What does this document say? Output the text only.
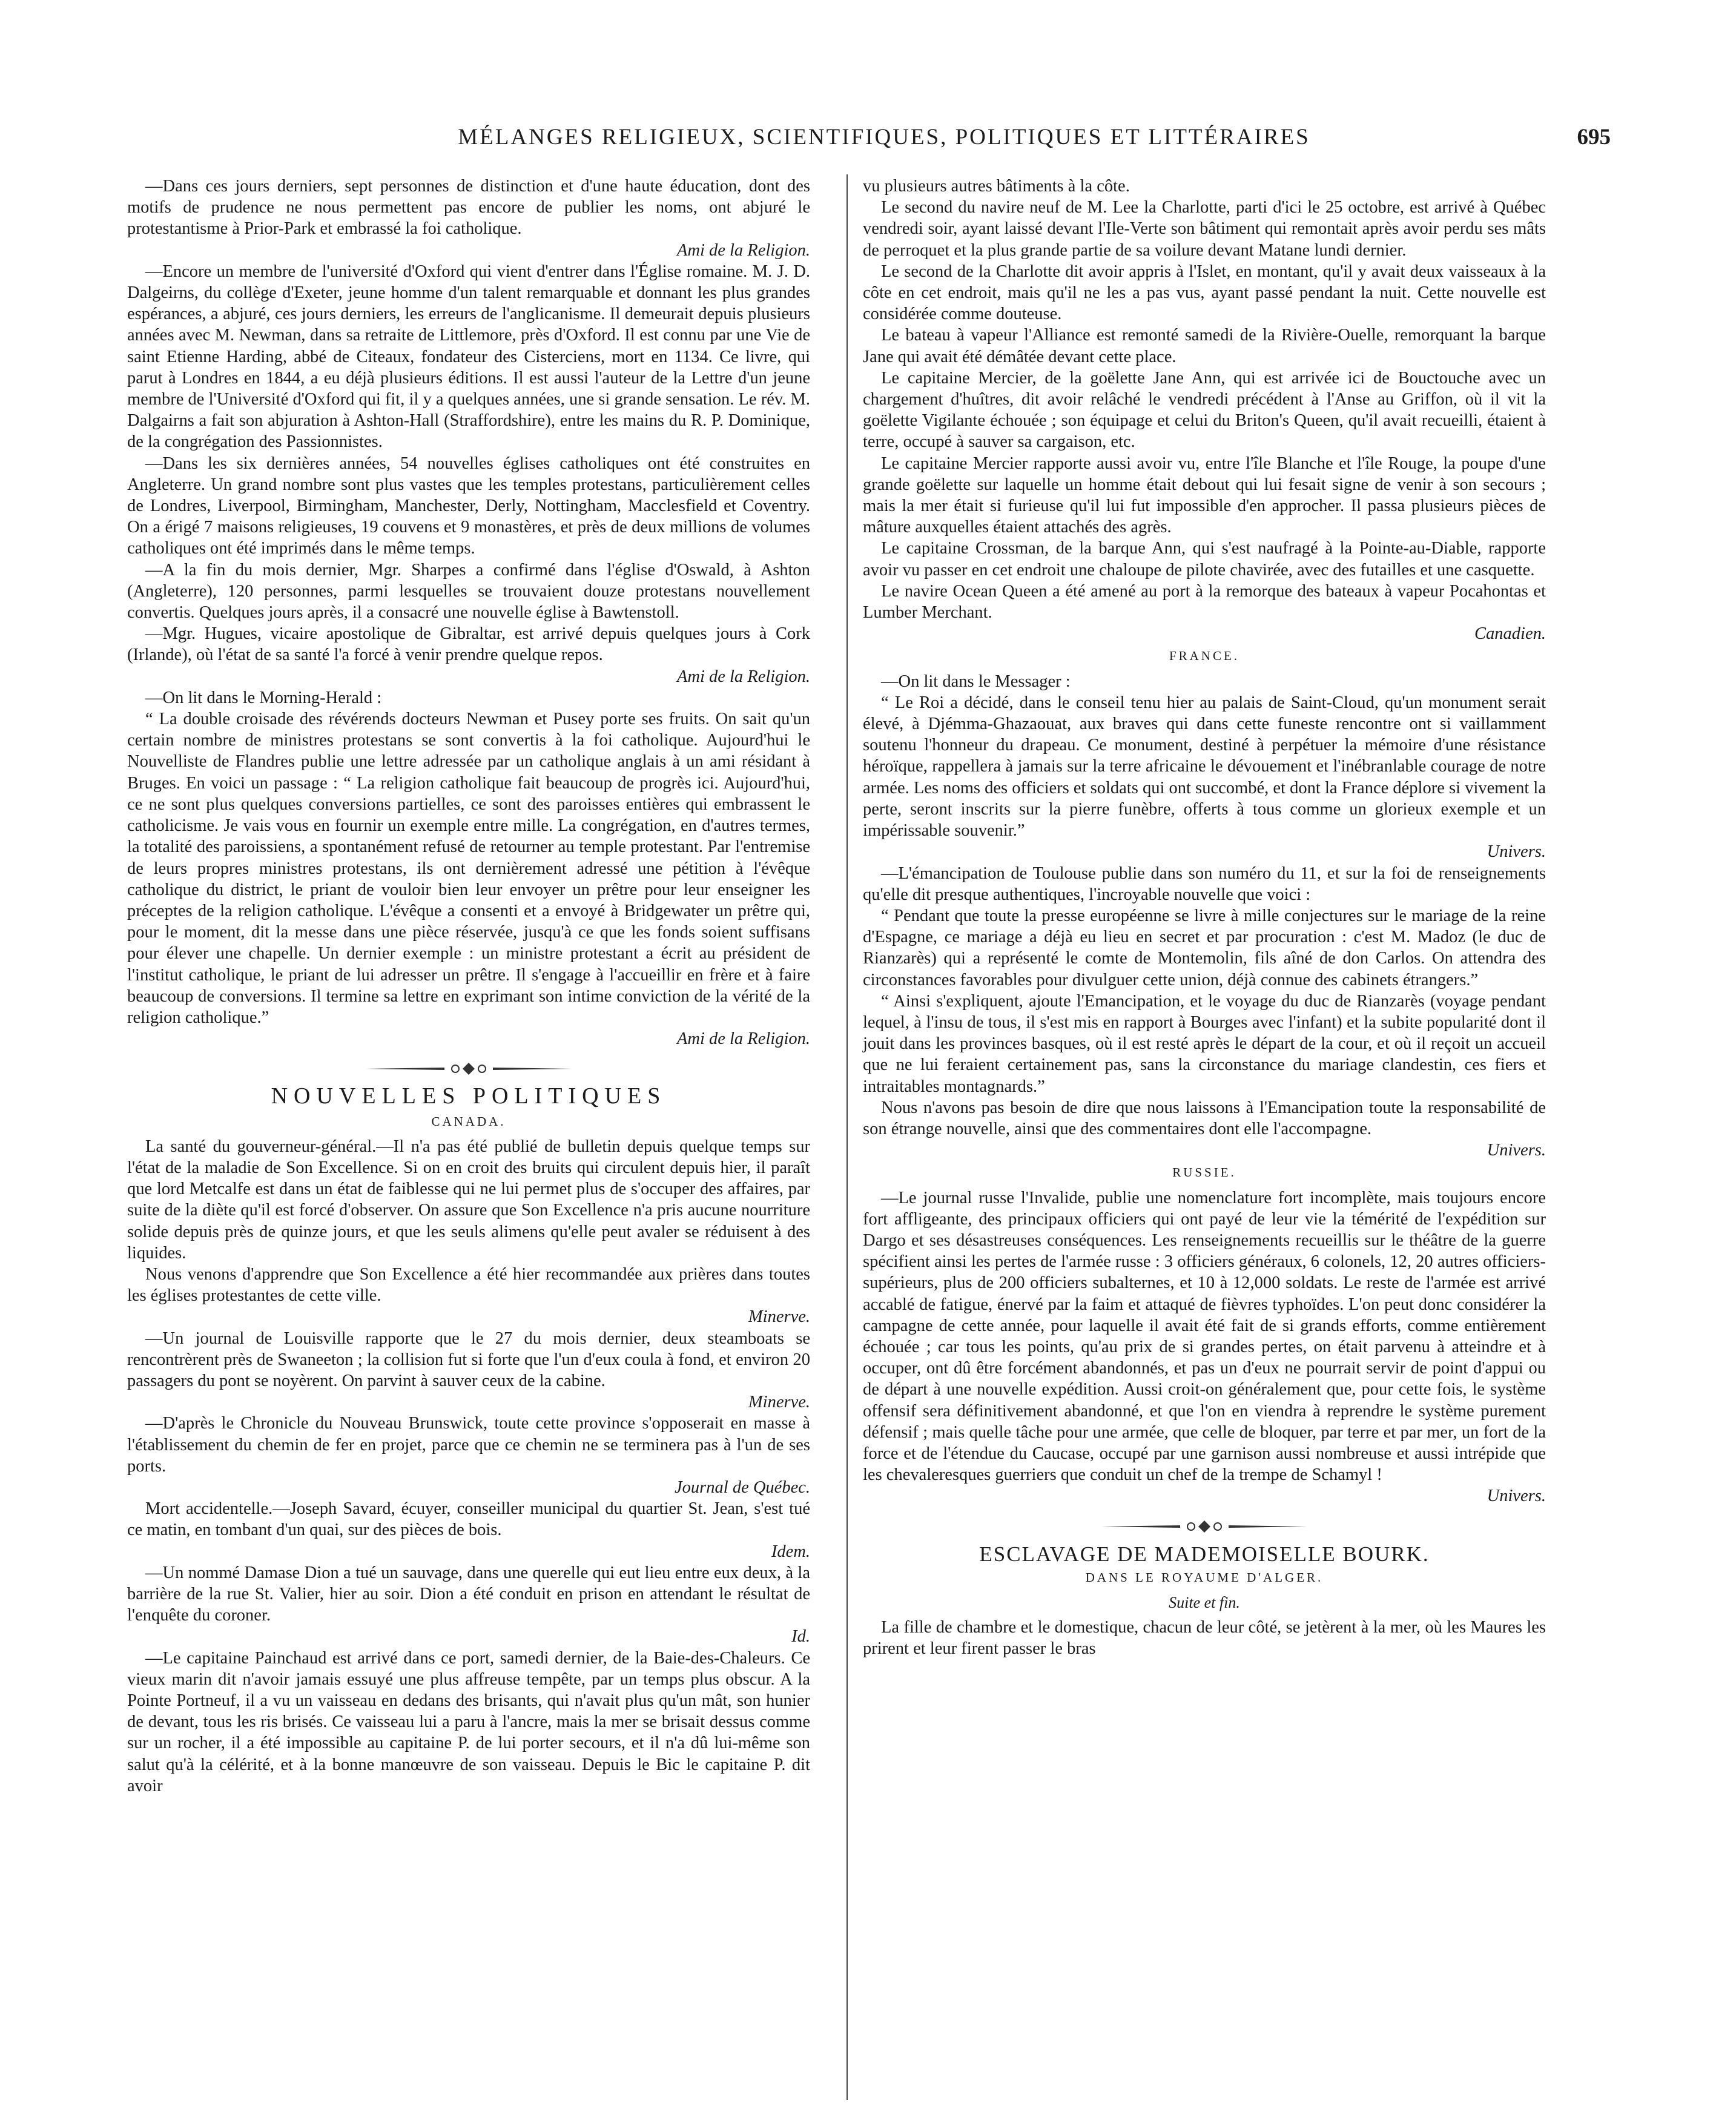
MÉLANGES RELIGIEUX, SCIENTIFIQUES, POLITIQUES ET LITTÉRAIRES	695

—Dans ces jours derniers, sept personnes de distinction et d'une haute éducation, dont des motifs de prudence ne nous permettent pas encore de publier les noms, ont abjuré le protestantisme à Prior-Park et embrassé la foi catholique.

Ami de la Religion.

—Encore un membre de l'université d'Oxford qui vient d'entrer dans l'Église romaine. M. J. D. Dalgeirns, du collège d'Exeter, jeune homme d'un talent remarquable et donnant les plus grandes espérances, a abjuré, ces jours derniers, les erreurs de l'anglicanisme. Il demeurait depuis plusieurs années avec M. Newman, dans sa retraite de Littlemore, près d'Oxford. Il est connu par une Vie de saint Etienne Harding, abbé de Citeaux, fondateur des Cisterciens, mort en 1134. Ce livre, qui parut à Londres en 1844, a eu déjà plusieurs éditions. Il est aussi l'auteur de la Lettre d'un jeune membre de l'Université d'Oxford qui fit, il y a quelques années, une si grande sensation. Le rév. M. Dalgairns a fait son abjuration à Ashton-Hall (Straffordshire), entre les mains du R. P. Dominique, de la congrégation des Passionnistes.

—Dans les six dernières années, 54 nouvelles églises catholiques ont été construites en Angleterre. Un grand nombre sont plus vastes que les temples protestans, particulièrement celles de Londres, Liverpool, Birmingham, Manchester, Derly, Nottingham, Macclesfield et Coventry. On a érigé 7 maisons religieuses, 19 couvens et 9 monastères, et près de deux millions de volumes catholiques ont été imprimés dans le même temps.

—A la fin du mois dernier, Mgr. Sharpes a confirmé dans l'église d'Oswald, à Ashton (Angleterre), 120 personnes, parmi lesquelles se trouvaient douze protestans nouvellement convertis. Quelques jours après, il a consacré une nouvelle église à Bawtenstoll.

—Mgr. Hugues, vicaire apostolique de Gibraltar, est arrivé depuis quelques jours à Cork (Irlande), où l'état de sa santé l'a forcé à venir prendre quelque repos.

Ami de la Religion.

—On lit dans le Morning-Herald :

“ La double croisade des révérends docteurs Newman et Pusey porte ses fruits. On sait qu'un certain nombre de ministres protestans se sont convertis à la foi catholique. Aujourd'hui le Nouvelliste de Flandres publie une lettre adressée par un catholique anglais à un ami résidant à Bruges. En voici un passage : “ La religion catholique fait beaucoup de progrès ici. Aujourd'hui, ce ne sont plus quelques conversions partielles, ce sont des paroisses entières qui embrassent le catholicisme. Je vais vous en fournir un exemple entre mille. La congrégation, en d'autres termes, la totalité des paroissiens, a spontanément refusé de retourner au temple protestant. Par l'entremise de leurs propres ministres protestans, ils ont dernièrement adressé une pétition à l'évêque catholique du district, le priant de vouloir bien leur envoyer un prêtre pour leur enseigner les préceptes de la religion catholique. L'évêque a consenti et a envoyé à Bridgewater un prêtre qui, pour le moment, dit la messe dans une pièce réservée, jusqu'à ce que les fonds soient suffisans pour élever une chapelle. Un dernier exemple : un ministre protestant a écrit au président de l'institut catholique, le priant de lui adresser un prêtre. Il s'engage à l'accueillir en frère et à faire beaucoup de conversions. Il termine sa lettre en exprimant son intime conviction de la vérité de la religion catholique.”

Ami de la Religion.
NOUVELLES POLITIQUES
CANADA.

La santé du gouverneur-général.—Il n'a pas été publié de bulletin depuis quelque temps sur l'état de la maladie de Son Excellence. Si on en croit des bruits qui circulent depuis hier, il paraît que lord Metcalfe est dans un état de faiblesse qui ne lui permet plus de s'occuper des affaires, par suite de la diète qu'il est forcé d'observer. On assure que Son Excellence n'a pris aucune nourriture solide depuis près de quinze jours, et que les seuls alimens qu'elle peut avaler se réduisent à des liquides.

Nous venons d'apprendre que Son Excellence a été hier recommandée aux prières dans toutes les églises protestantes de cette ville.

Minerve.

—Un journal de Louisville rapporte que le 27 du mois dernier, deux steamboats se rencontrèrent près de Swaneeton ; la collision fut si forte que l'un d'eux coula à fond, et environ 20 passagers du pont se noyèrent. On parvint à sauver ceux de la cabine.

Minerve.

—D'après le Chronicle du Nouveau Brunswick, toute cette province s'opposerait en masse à l'établissement du chemin de fer en projet, parce que ce chemin ne se terminera pas à l'un de ses ports.

Journal de Québec.

Mort accidentelle.—Joseph Savard, écuyer, conseiller municipal du quartier St. Jean, s'est tué ce matin, en tombant d'un quai, sur des pièces de bois.

Idem.

—Un nommé Damase Dion a tué un sauvage, dans une querelle qui eut lieu entre eux deux, à la barrière de la rue St. Valier, hier au soir. Dion a été conduit en prison en attendant le résultat de l'enquête du coroner.

Id.

—Le capitaine Painchaud est arrivé dans ce port, samedi dernier, de la Baie-des-Chaleurs. Ce vieux marin dit n'avoir jamais essuyé une plus affreuse tempête, par un temps plus obscur. A la Pointe Portneuf, il a vu un vaisseau en dedans des brisants, qui n'avait plus qu'un mât, son hunier de devant, tous les ris brisés. Ce vaisseau lui a paru à l'ancre, mais la mer se brisait dessus comme sur un rocher, il a été impossible au capitaine P. de lui porter secours, et il n'a dû lui-même son salut qu'à la célérité, et à la bonne manœuvre de son vaisseau. Depuis le Bic le capitaine P. dit avoir

vu plusieurs autres bâtiments à la côte.

Le second du navire neuf de M. Lee la Charlotte, parti d'ici le 25 octobre, est arrivé à Québec vendredi soir, ayant laissé devant l'Ile-Verte son bâtiment qui remontait après avoir perdu ses mâts de perroquet et la plus grande partie de sa voilure devant Matane lundi dernier.

Le second de la Charlotte dit avoir appris à l'Islet, en montant, qu'il y avait deux vaisseaux à la côte en cet endroit, mais qu'il ne les a pas vus, ayant passé pendant la nuit. Cette nouvelle est considérée comme douteuse.

Le bateau à vapeur l'Alliance est remonté samedi de la Rivière-Ouelle, remorquant la barque Jane qui avait été démâtée devant cette place.

Le capitaine Mercier, de la goëlette Jane Ann, qui est arrivée ici de Bouctouche avec un chargement d'huîtres, dit avoir relâché le vendredi précédent à l'Anse au Griffon, où il vit la goëlette Vigilante échouée ; son équipage et celui du Briton's Queen, qu'il avait recueilli, étaient à terre, occupé à sauver sa cargaison, etc.

Le capitaine Mercier rapporte aussi avoir vu, entre l'île Blanche et l'île Rouge, la poupe d'une grande goëlette sur laquelle un homme était debout qui lui fesait signe de venir à son secours ; mais la mer était si furieuse qu'il lui fut impossible d'en approcher. Il passa plusieurs pièces de mâture auxquelles étaient attachés des agrès.

Le capitaine Crossman, de la barque Ann, qui s'est naufragé à la Pointe-au-Diable, rapporte avoir vu passer en cet endroit une chaloupe de pilote chavirée, avec des futailles et une casquette.

Le navire Ocean Queen a été amené au port à la remorque des bateaux à vapeur Pocahontas et Lumber Merchant.

Canadien.
FRANCE.

—On lit dans le Messager :

“ Le Roi a décidé, dans le conseil tenu hier au palais de Saint-Cloud, qu'un monument serait élevé, à Djémma-Ghazaouat, aux braves qui dans cette funeste rencontre ont si vaillamment soutenu l'honneur du drapeau. Ce monument, destiné à perpétuer la mémoire d'une résistance héroïque, rappellera à jamais sur la terre africaine le dévouement et l'inébranlable courage de notre armée. Les noms des officiers et soldats qui ont succombé, et dont la France déplore si vivement la perte, seront inscrits sur la pierre funèbre, offerts à tous comme un glorieux exemple et un impérissable souvenir.”

Univers.

—L'émancipation de Toulouse publie dans son numéro du 11, et sur la foi de renseignements qu'elle dit presque authentiques, l'incroyable nouvelle que voici :

“ Pendant que toute la presse européenne se livre à mille conjectures sur le mariage de la reine d'Espagne, ce mariage a déjà eu lieu en secret et par procuration : c'est M. Madoz (le duc de Rianzarès) qui a représenté le comte de Montemolin, fils aîné de don Carlos. On attendra des circonstances favorables pour divulguer cette union, déjà connue des cabinets étrangers.”

“ Ainsi s'expliquent, ajoute l'Emancipation, et le voyage du duc de Rianzarès (voyage pendant lequel, à l'insu de tous, il s'est mis en rapport à Bourges avec l'infant) et la subite popularité dont il jouit dans les provinces basques, où il est resté après le départ de la cour, et où il reçoit un accueil que ne lui feraient certainement pas, sans la circonstance du mariage clandestin, ces fiers et intraitables montagnards.”

Nous n'avons pas besoin de dire que nous laissons à l'Emancipation toute la responsabilité de son étrange nouvelle, ainsi que des commentaires dont elle l'accompagne.

Univers.
RUSSIE.

—Le journal russe l'Invalide, publie une nomenclature fort incomplète, mais toujours encore fort affligeante, des principaux officiers qui ont payé de leur vie la témérité de l'expédition sur Dargo et ses désastreuses conséquences. Les renseignements recueillis sur le théâtre de la guerre spécifient ainsi les pertes de l'armée russe : 3 officiers généraux, 6 colonels, 12, 20 autres officiers-supérieurs, plus de 200 officiers subalternes, et 10 à 12,000 soldats. Le reste de l'armée est arrivé accablé de fatigue, énervé par la faim et attaqué de fièvres typhoïdes. L'on peut donc considérer la campagne de cette année, pour laquelle il avait été fait de si grands efforts, comme entièrement échouée ; car tous les points, qu'au prix de si grandes pertes, on était parvenu à atteindre et à occuper, ont dû être forcément abandonnés, et pas un d'eux ne pourrait servir de point d'appui ou de départ à une nouvelle expédition. Aussi croit-on généralement que, pour cette fois, le système offensif sera définitivement abandonné, et que l'on en viendra à reprendre le système purement défensif ; mais quelle tâche pour une armée, que celle de bloquer, par terre et par mer, un fort de la force et de l'étendue du Caucase, occupé par une garnison aussi nombreuse et aussi intrépide que les chevaleresques guerriers que conduit un chef de la trempe de Schamyl !

Univers.
ESCLAVAGE DE MADEMOISELLE BOURK.
DANS LE ROYAUME D'ALGER.
Suite et fin.

La fille de chambre et le domestique, chacun de leur côté, se jetèrent à la mer, où les Maures les prirent et leur firent passer le bras
